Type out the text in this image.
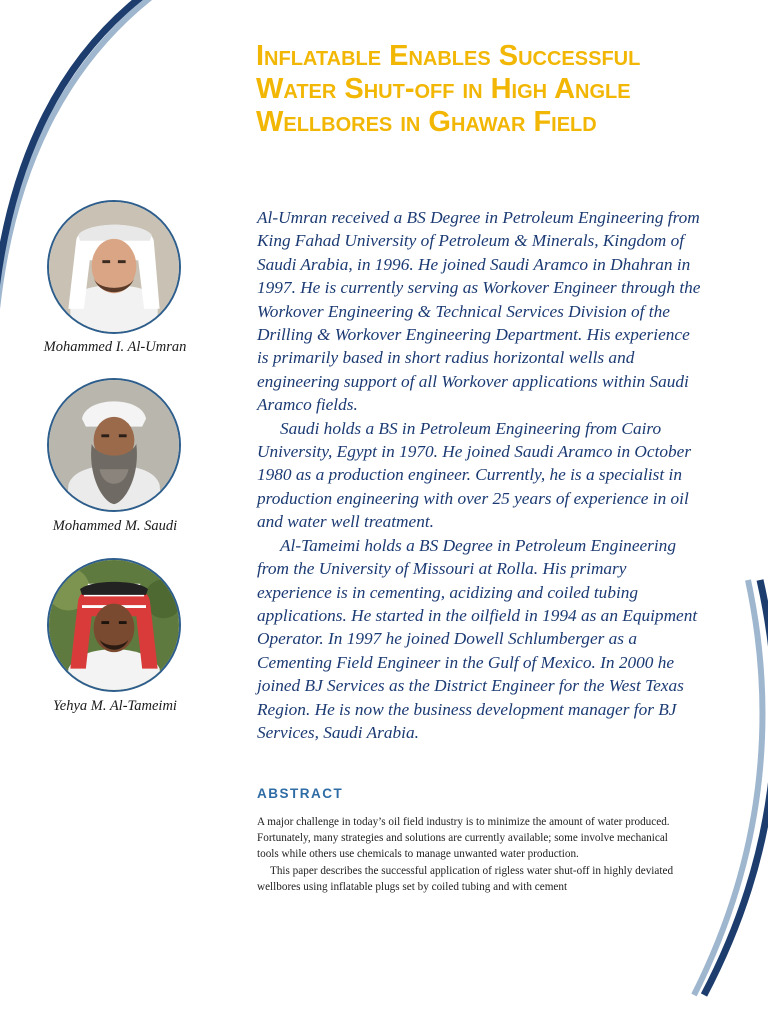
Inflatable Enables Successful
Water Shut-off in High Angle
Wellbores in Ghawar Field
Mohammed I. Al-Umran
Mohammed M. Saudi
Yehya M. Al-Tameimi

Al-Umran received a BS Degree in Petroleum Engineering from King Fahad University of Petroleum & Minerals, Kingdom of Saudi Arabia, in 1996. He joined Saudi Aramco in Dhahran in 1997. He is currently serving as Workover Engineer through the Workover Engineering & Technical Services Division of the Drilling & Workover Engineering Department. His experience is primarily based in short radius horizontal wells and engineering support of all Workover applications within Saudi Aramco fields.

Saudi holds a BS in Petroleum Engineering from Cairo University, Egypt in 1970. He joined Saudi Aramco in October 1980 as a production engineer. Currently, he is a specialist in production engineering with over 25 years of experience in oil and water well treatment.

Al-Tameimi holds a BS Degree in Petroleum Engineering from the University of Missouri at Rolla. His primary experience is in cementing, acidizing and coiled tubing applications. He started in the oilfield in 1994 as an Equipment Operator. In 1997 he joined Dowell Schlumberger as a Cementing Field Engineer in the Gulf of Mexico. In 2000 he joined BJ Services as the District Engineer for the West Texas Region. He is now the business development manager for BJ Services, Saudi Arabia.

ABSTRACT

A major challenge in today’s oil field industry is to minimize the amount of water produced. Fortunately, many strategies and solutions are currently available; some involve mechanical tools while others use chemicals to manage unwanted water production.

This paper describes the successful application of rigless water shut-off in highly deviated wellbores using inflatable plugs set by coiled tubing and with cement
